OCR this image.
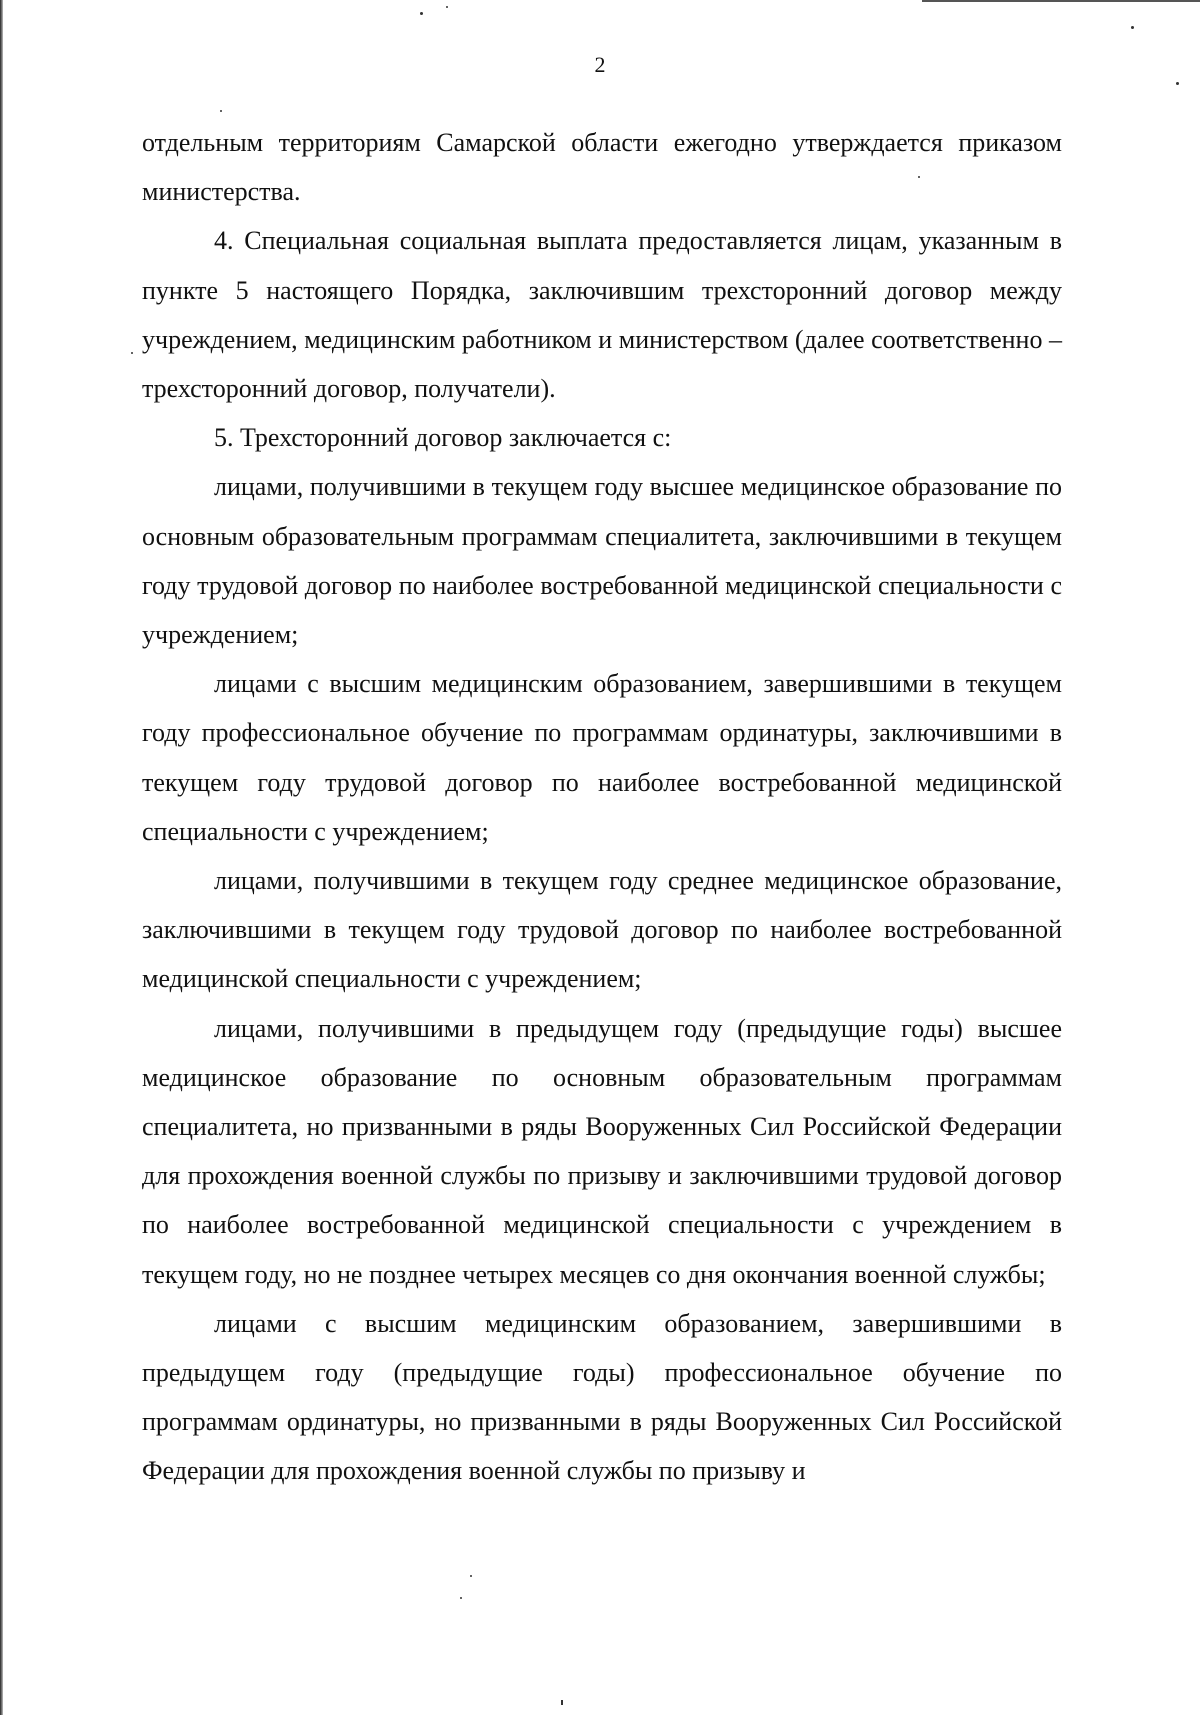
2

отдельным территориям Самарской области ежегодно утверждается приказом министерства.

4. Специальная социальная выплата предоставляется лицам, указанным в пункте 5 настоящего Порядка, заключившим трехсторонний договор между учреждением, медицинским работником и министерством (далее соответственно – трехсторонний договор, получатели).

5. Трехсторонний договор заключается с:

лицами, получившими в текущем году высшее медицинское образование по основным образовательным программам специалитета, заключившими в текущем году трудовой договор по наиболее востребованной медицинской специальности с учреждением;

лицами с высшим медицинским образованием, завершившими в текущем году профессиональное обучение по программам ординатуры, заключившими в текущем году трудовой договор по наиболее востребованной медицинской специальности с учреждением;

лицами, получившими в текущем году среднее медицинское образование, заключившими в текущем году трудовой договор по наиболее востребованной медицинской специальности с учреждением;

лицами, получившими в предыдущем году (предыдущие годы) высшее медицинское образование по основным образовательным программам специалитета, но призванными в ряды Вооруженных Сил Российской Федерации для прохождения военной службы по призыву и заключившими трудовой договор по наиболее востребованной медицинской специальности с учреждением в текущем году, но не позднее четырех месяцев со дня окончания военной службы;

лицами с высшим медицинским образованием, завершившими в предыдущем году (предыдущие годы) профессиональное обучение по программам ординатуры, но призванными в ряды Вооруженных Сил Российской Федерации для прохождения военной службы по призыву и
